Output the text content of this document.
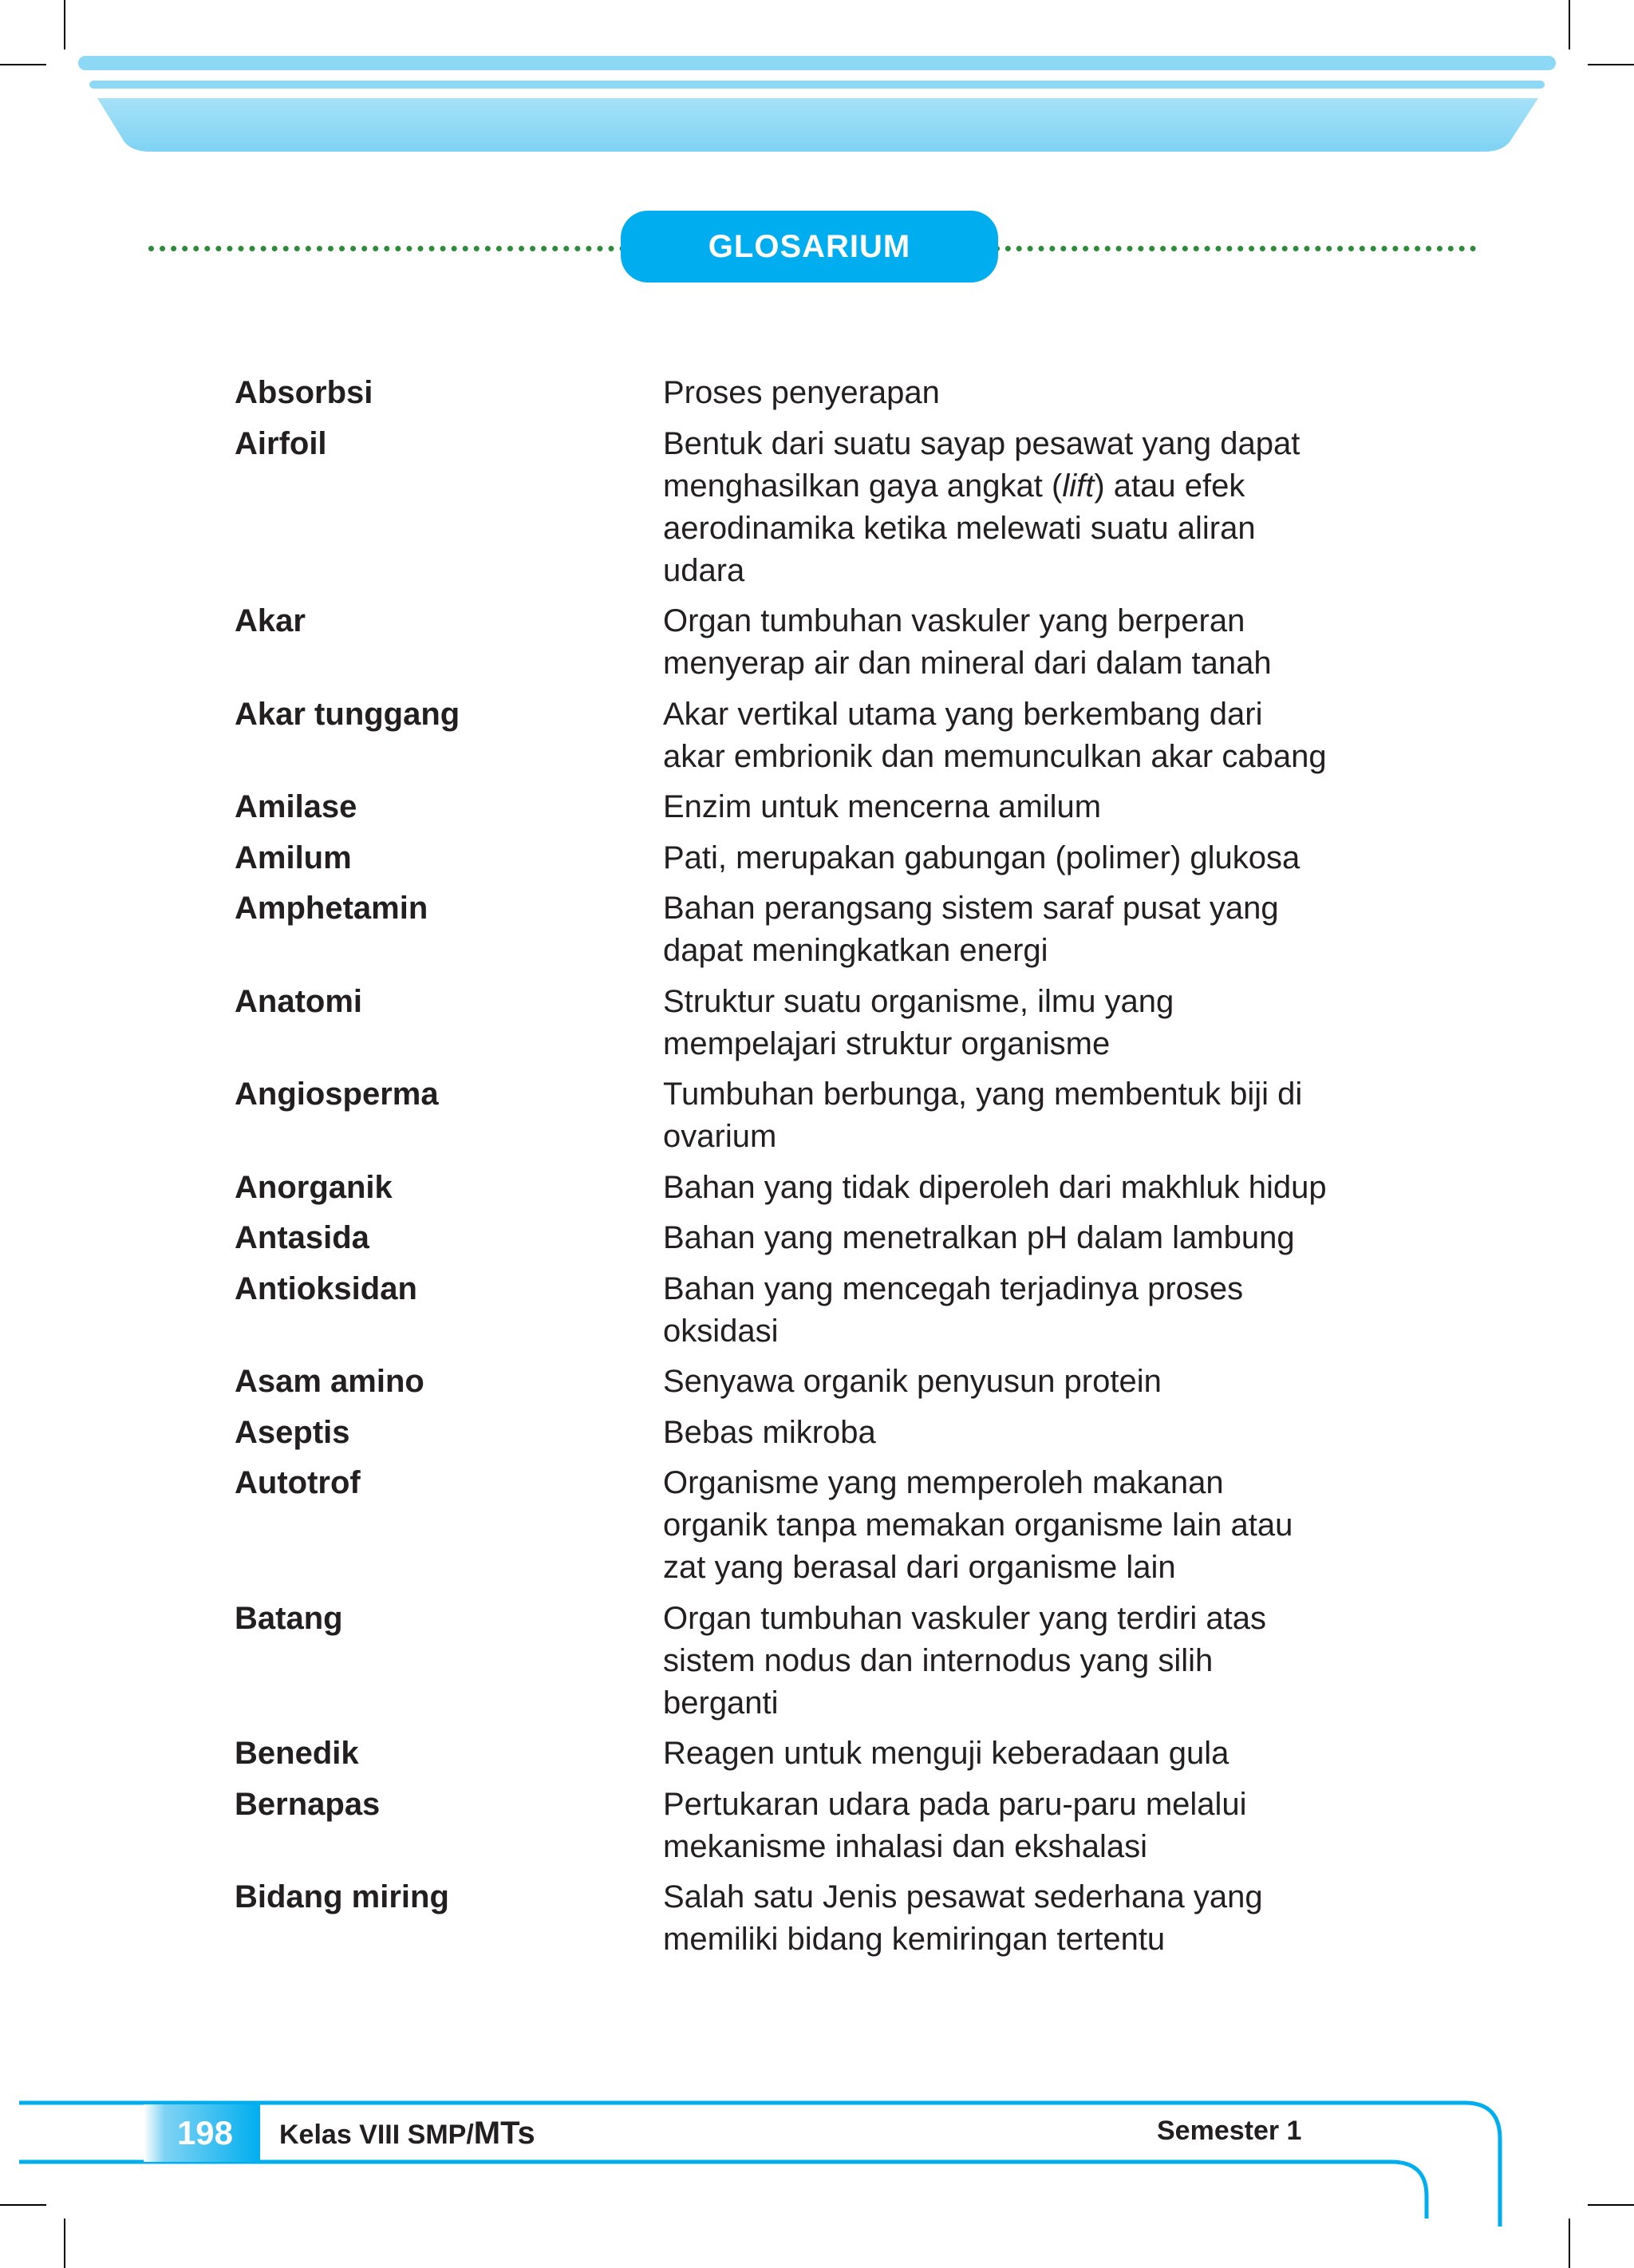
GLOSARIUM
Absorbsi	Proses penyerapan
Airfoil	Bentuk dari suatu sayap pesawat yang dapat
menghasilkan gaya angkat (lift) atau efek
aerodinamika ketika melewati suatu aliran
udara
Akar	Organ tumbuhan vaskuler yang berperan
menyerap air dan mineral dari dalam tanah
Akar tunggang	Akar vertikal utama yang berkembang dari
akar embrionik dan memunculkan akar cabang
Amilase	Enzim untuk mencerna amilum
Amilum	Pati, merupakan gabungan (polimer) glukosa
Amphetamin	Bahan perangsang sistem saraf pusat yang
dapat meningkatkan energi
Anatomi	Struktur suatu organisme, ilmu yang
mempelajari struktur organisme
Angiosperma	Tumbuhan berbunga, yang membentuk biji di
ovarium
Anorganik	Bahan yang tidak diperoleh dari makhluk hidup
Antasida	Bahan yang menetralkan pH dalam lambung
Antioksidan	Bahan yang mencegah terjadinya proses
oksidasi
Asam amino	Senyawa organik penyusun protein
Aseptis	Bebas mikroba
Autotrof	Organisme yang memperoleh makanan
organik tanpa memakan organisme lain atau
zat yang berasal dari organisme lain
Batang	Organ tumbuhan vaskuler yang terdiri atas
sistem nodus dan internodus yang silih
berganti
Benedik	Reagen untuk menguji keberadaan gula
Bernapas	Pertukaran udara pada paru-paru melalui
mekanisme inhalasi dan ekshalasi
Bidang miring	Salah satu Jenis pesawat sederhana yang
memiliki bidang kemiringan tertentu
198	Kelas VIII SMP/MTs	Semester 1
